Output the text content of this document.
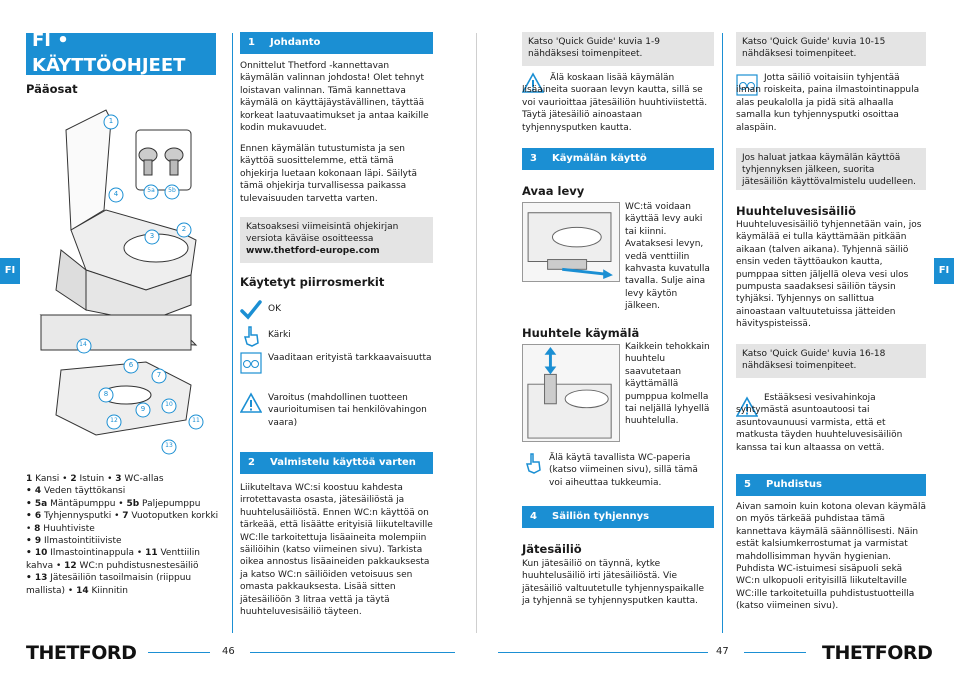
FI • KÄYTTÖOHJEET
Pääosat
1
4	5a	5b
3
2
14
6
7
8
9
10
11
12
13
1 Kansi • 2 Istuin • 3 WC-allas
• 4 Veden täyttökansi
• 5a Mäntäpumppu • 5b Paljepumppu
• 6 Tyhjennysputki • 7 Vuotoputken korkki • 8 Huuhtiviste
• 9 Ilmastointitiiviste
• 10 Ilmastointinappula • 11 Venttiilin kahva • 12 WC:n puhdistusnestesäiliö
• 13 Jätesäiliön tasoilmaisin (riippuu mallista) • 14 Kiinnitin
FI
1	Johdanto
Onnittelut Thetford -kannettavan käymälän valinnan johdosta! Olet tehnyt loistavan valinnan. Tämä kannettava käymälä on käyttäjäystävällinen, täyttää korkeat laatuvaatimukset ja antaa kaikille kodin mukavuudet.
Ennen käymälän tutustumista ja sen käyttöä suosittelemme, että tämä ohjekirja luetaan kokonaan läpi. Säilytä tämä ohjekirja turvallisessa paikassa tulevaisuuden tarvetta varten.
Katsoaksesi viimeisintä ohjekirjan versiota käväise osoitteessa
www.thetford-europe.com
Käytetyt piirrosmerkit
OK
Kärki
Vaaditaan erityistä tarkkaavaisuutta
Varoitus (mahdollinen tuotteen vaurioitumisen tai henkilövahingon vaara)
2	Valmistelu käyttöä varten
Liikuteltava WC:si koostuu kahdesta irrotettavasta osasta, jätesäiliöstä ja huuhtelusäiliöstä. Ennen WC:n käyttöä on tärkeää, että lisäätte erityisiä liikuteltaville WC:lle tarkoitettuja lisäaineita molempiin säiliöihin (katso viimeinen sivu). Tarkista oikea annostus lisäaineiden pakkauksesta ja katso WC:n säiliöiden vetoisuus sen omasta pakkauksesta. Lisää sitten jätesäiliöön 3 litraa vettä ja täytä huuhteluvesisäiliö täyteen.
Katso 'Quick Guide' kuvia 1-9 nähdäksesi toimenpiteet.
Älä koskaan lisää käymälän lisäaineita suoraan levyn kautta, sillä se voi vaurioittaa jätesäiliön huuhtiviistettä. Täytä jätesäiliö ainoastaan tyhjennysputken kautta.
3	Käymälän käyttö
Avaa levy
WC:tä voidaan käyttää levy auki tai kiinni. Avataksesi levyn, vedä venttiilin kahvasta kuvatulla tavalla. Sulje aina levy käytön jälkeen.
Huuhtele käymälä
Kaikkein tehokkain huuhtelu saavutetaan käyttämällä pumppua kolmella tai neljällä lyhyellä huuhtelulla.
Älä käytä tavallista WC-paperia (katso viimeinen sivu), sillä tämä voi aiheuttaa tukkeumia.
4	Säiliön tyhjennys
Jätesäiliö
Kun jätesäiliö on täynnä, kytke huuhtelusäiliö irti jätesäiliöstä. Vie jätesäiliö valtuutetulle tyhjennyspaikalle ja tyhjennä se tyhjennysputken kautta.
Katso 'Quick Guide' kuvia 10-15 nähdäksesi toimenpiteet.
Jotta säiliö voitaisiin tyhjentää ilman roiskeita, paina ilmastointinappula alas peukalolla ja pidä sitä alhaalla samalla kun tyhjennysputki osoittaa alaspäin.
Jos haluat jatkaa käymälän käyttöä tyhjennyksen jälkeen, suorita jätesäiliön käyttövalmistelu uudelleen.
Huuhteluvesisäiliö
Huuhteluvesisäiliö tyhjennetään vain, jos käymälää ei tulla käyttämään pitkään aikaan (talven aikana). Tyhjennä säiliö ensin veden täyttöaukon kautta, pumppaa sitten jäljellä oleva vesi ulos pumpusta saadaksesi säiliön täysin tyhjäksi. Tyhjennys on sallittua ainoastaan valtuutetuissa jätteiden hävityspisteissä.
Katso 'Quick Guide' kuvia 16-18 nähdäksesi toimenpiteet.
Estääksesi vesivahinkoja syntymästä asuntoautoosi tai asuntovaunuusi varmista, että et matkusta täyden huuhteluvesisäiliön kanssa tai kun altaassa on vettä.
5	Puhdistus
Aivan samoin kuin kotona olevan käymälä on myös tärkeää puhdistaa tämä kannettava käymälä säännöllisesti. Näin estät kalsiumkerrostumat ja varmistat mahdollisimman hyvän hygienian. Puhdista WC-istuimesi sisäpuoli sekä WC:n ulkopuoli erityisillä liikuteltaville WC:ille tarkoitetuilla puhdistustuotteilla (katso viimeinen sivu).
FI
THETFORD	46	47	THETFORD
